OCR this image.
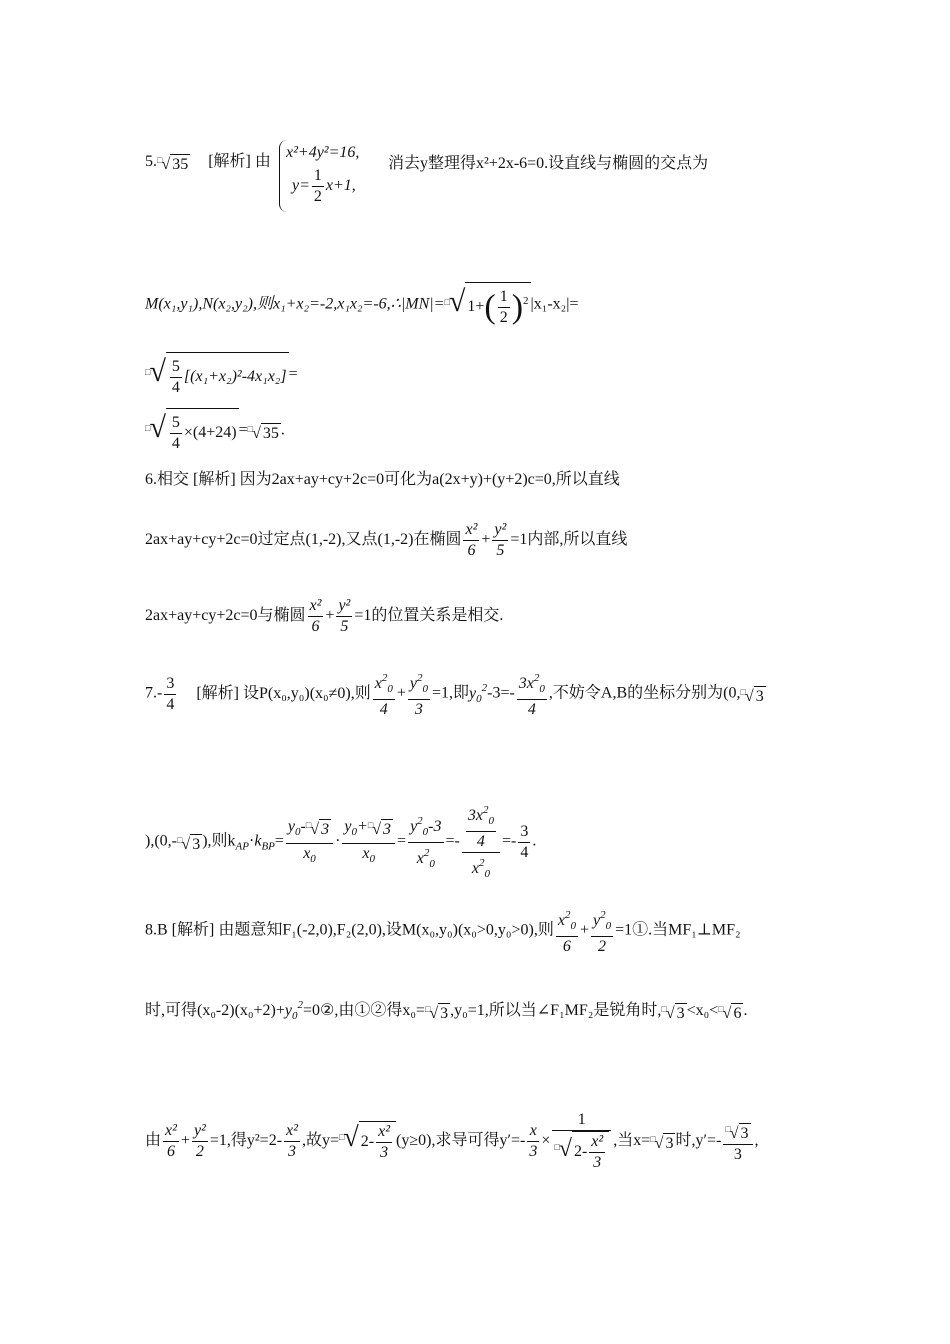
5.□√ 35 [解析] 由
x²+4y²=16,
$y= \frac{1}{2} x+1$,
消去y整理得x²+2x-6=0.设直线与椭圆的交点为
M(x₁,y₁),N(x₂,y₂),则x₁+x₂=-2,x₁x₂=-6,∴|MN|=□√ $1+( \frac{1}{2} )^2$ |x₁-x₂|=
□√ $\frac{5}{4} [(x_1+x_2)^2-4x_1x_2]$ =
□√ $\frac{5}{4} \times(4+24)$ =□√ 35 .
6.相交 [解析] 因为2ax+ay+cy+2c=0可化为a(2x+y)+(y+2)c=0,所以直线
2ax+ay+cy+2c=0过定点(1,-2),又点(1,-2)在椭圆 $\frac{\text{x²}}{6} + \frac{\text{y²}}{5} =1$内部,所以直线
2ax+ay+cy+2c=0与椭圆 $\frac{\text{x²}}{6} + \frac{\text{y²}}{5} =1$的位置关系是相交.
$7.- \frac{3}{4}$ [解析] 设P(x₀,y₀)(x₀≠0),则 $\frac{x^2_0}{4} + \frac{y^2_0}{3} =1$,即$y_0^2-3=- \frac{3x^2_0}{4}$ ,不妨令A,B的坐标分别为(0,□√ 3
),(0,-□√ 3 ),则$k_{AP}\cdot k_{BP}= \frac{y_0-□√ 3}{x_0} \cdot \frac{y_0+□√ 3}{x_0} = \frac{y^2_0-3}{x^2_0} =- \frac{\frac{3x^2_0}{4}}{x^2_0} =- \frac{3}{4}$ .
8.B [解析] 由题意知F₁(-2,0),F₂(2,0),设M(x₀,y₀)(x₀>0,y₀>0),则 $\frac{x^2_0}{6} + \frac{y^2_0}{2}$ =1①.当MF₁⊥MF₂
时,可得$(x_0-2)(x_0+2)+y_0^2=0②$,由①②得x₀=□√ 3 ,y₀=1,所以当∠F₁MF₂是锐角时,□√ 3 <x₀<□√ 6 .
由 $\frac{\text{x²}}{6} + \frac{\text{y²}}{2} =1$,得$y^2=2- \frac{\text{x²}}{3}$ ,故y=□√ $2- \frac{\text{x²}}{3} (y\ge 0)$,求导可得$y'=- \frac{x}{3} \times \frac{1}{□√ 2- \frac{\text{x²}}{3}}$ ,当x=□√ 3 时$,y'=- \frac{□√ 3}{3}$ ,
